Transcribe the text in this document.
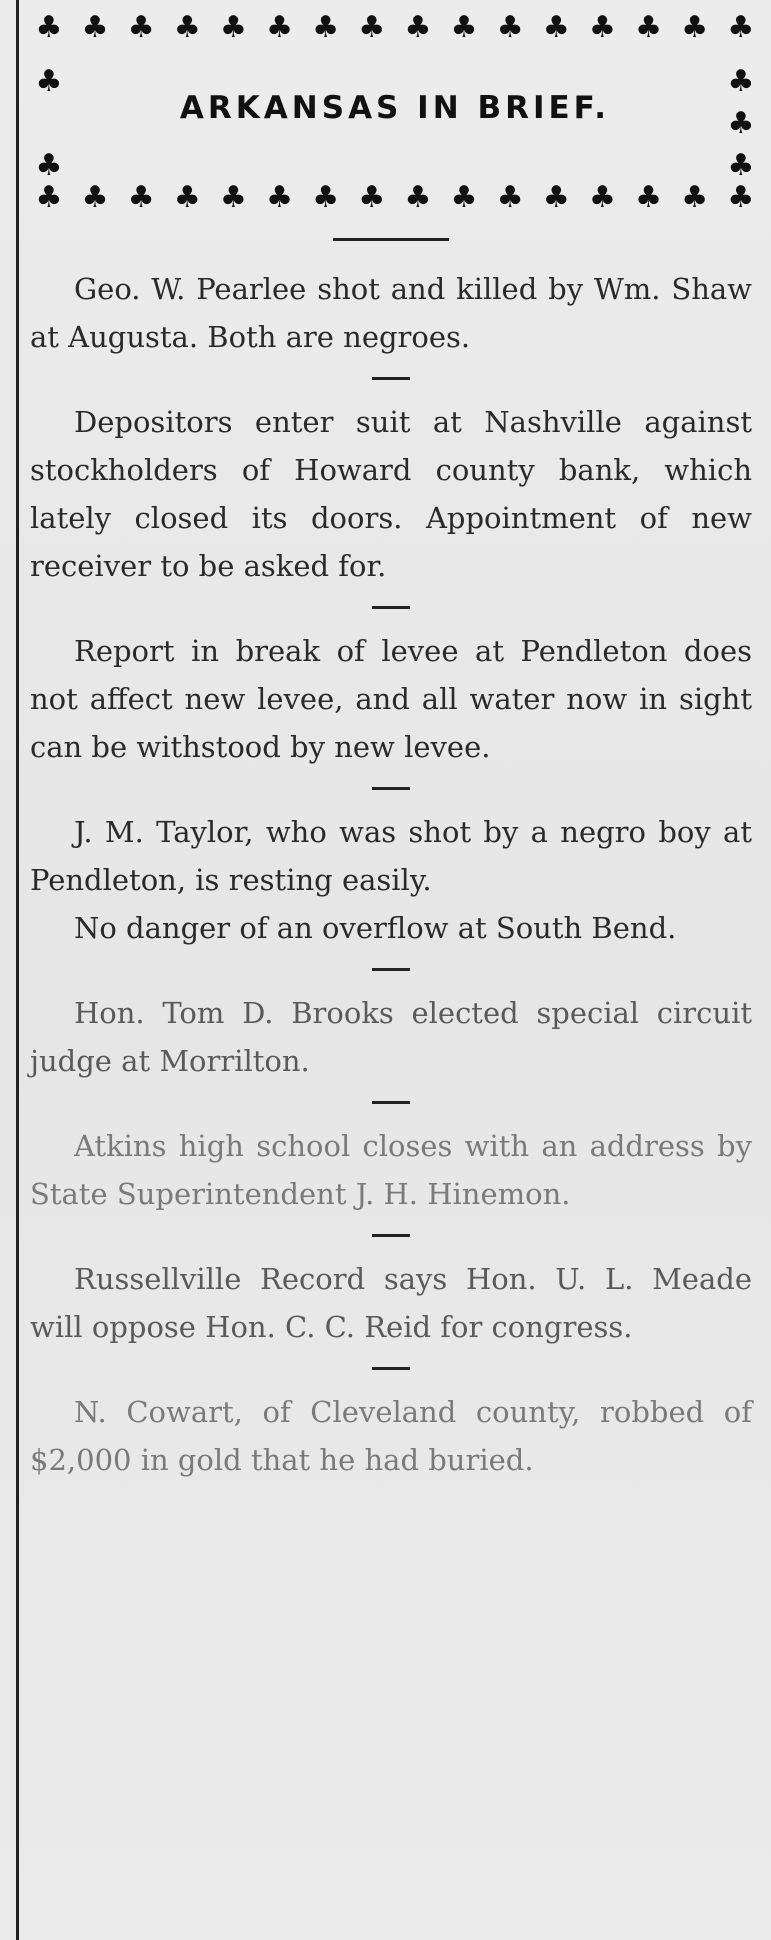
♣ ♣ ♣ ♣ ♣ ♣ ♣ ♣ ♣ ♣ ♣ ♣ ♣ ♣ ♣ ♣
♣
♣
♣
♣
♣
ARKANSAS IN BRIEF.
♣ ♣ ♣ ♣ ♣ ♣ ♣ ♣ ♣ ♣ ♣ ♣ ♣ ♣ ♣ ♣

Geo. W. Pearlee shot and killed by Wm. Shaw at Augusta. Both are negroes.

Depositors enter suit at Nashville against stockholders of Howard county bank, which lately closed its doors. Appointment of new receiver to be asked for.

Report in break of levee at Pendleton does not affect new levee, and all water now in sight can be withstood by new levee.

J. M. Taylor, who was shot by a negro boy at Pendleton, is resting easily.

No danger of an overflow at South Bend.

Hon. Tom D. Brooks elected special circuit judge at Morrilton.

Atkins high school closes with an address by State Superintendent J. H. Hinemon.

Russellville Record says Hon. U. L. Meade will oppose Hon. C. C. Reid for congress.

N. Cowart, of Cleveland county, robbed of $2,000 in gold that he had buried.
